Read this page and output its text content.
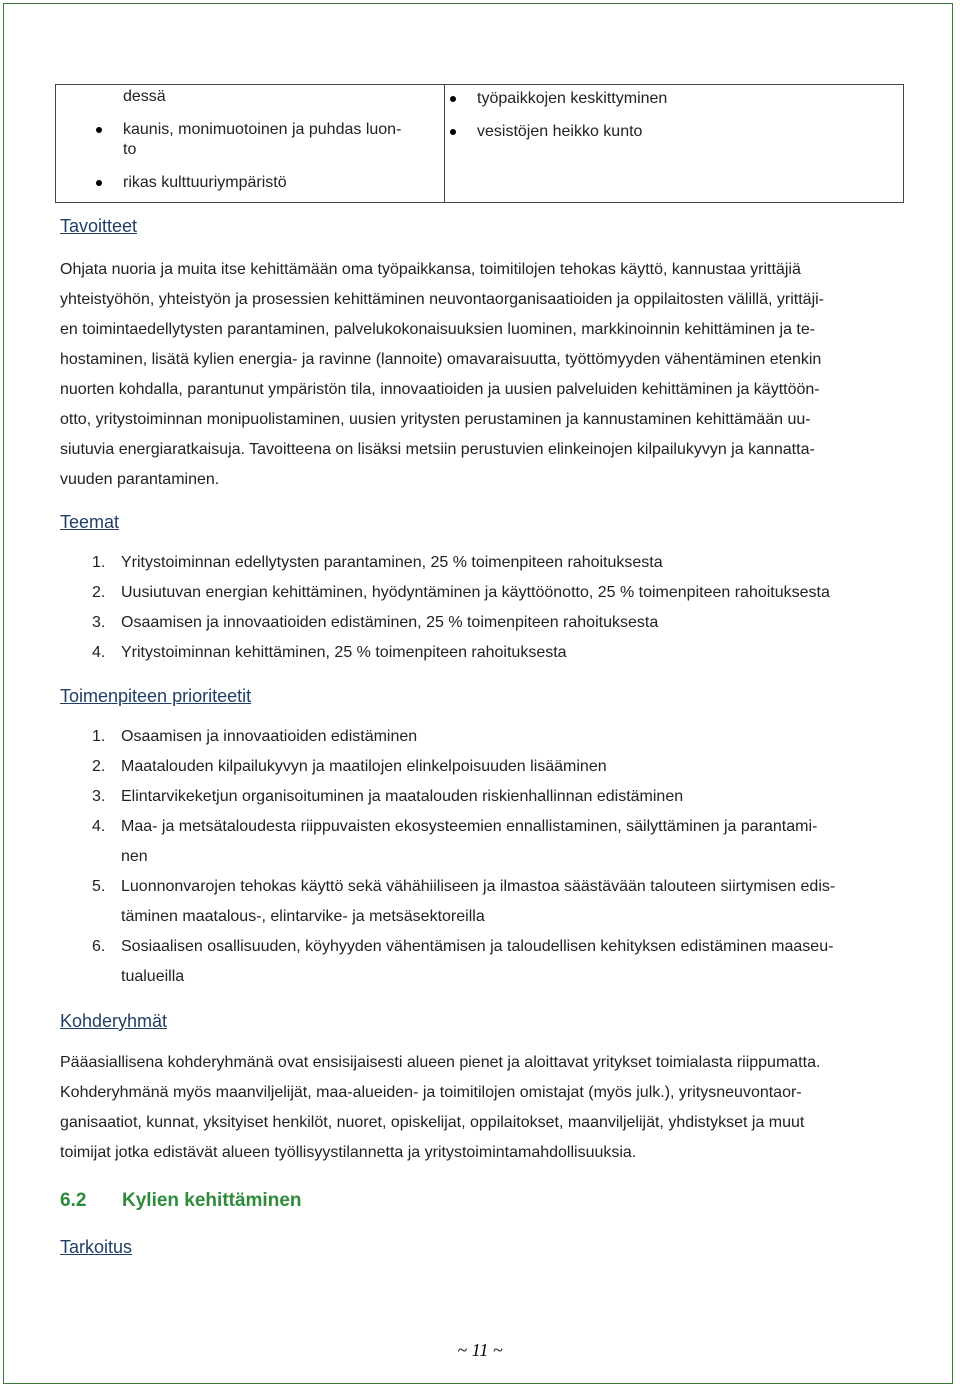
dessä
kaunis, monimuotoinen ja puhdas luon-
to
rikas kulttuuriympäristö
työpaikkojen keskittyminen
vesistöjen heikko kunto
Tavoitteet
Ohjata nuoria ja muita itse kehittämään oma työpaikkansa, toimitilojen tehokas käyttö, kannustaa yrittäjiä
yhteistyöhön, yhteistyön ja prosessien kehittäminen neuvontaorganisaatioiden ja oppilaitosten välillä, yrittäji-
en toimintaedellytysten parantaminen, palvelukokonaisuuksien luominen, markkinoinnin kehittäminen ja te-
hostaminen, lisätä kylien energia- ja ravinne (lannoite) omavaraisuutta, työttömyyden vähentäminen etenkin
nuorten kohdalla, parantunut ympäristön tila, innovaatioiden ja uusien palveluiden kehittäminen ja käyttöön-
otto, yritystoiminnan monipuolistaminen, uusien yritysten perustaminen ja kannustaminen kehittämään uu-
siutuvia energiaratkaisuja. Tavoitteena on lisäksi metsiin perustuvien elinkeinojen kilpailukyvyn ja kannatta-
vuuden parantaminen.
Teemat
1. Yritystoiminnan edellytysten parantaminen, 25 % toimenpiteen rahoituksesta
2. Uusiutuvan energian kehittäminen, hyödyntäminen ja käyttöönotto, 25 % toimenpiteen rahoituksesta
3. Osaamisen ja innovaatioiden edistäminen, 25 % toimenpiteen rahoituksesta
4. Yritystoiminnan kehittäminen, 25 % toimenpiteen rahoituksesta
Toimenpiteen prioriteetit
1. Osaamisen ja innovaatioiden edistäminen
2. Maatalouden kilpailukyvyn ja maatilojen elinkelpoisuuden lisääminen
3. Elintarvikeketjun organisoituminen ja maatalouden riskienhallinnan edistäminen
4. Maa- ja metsätaloudesta riippuvaisten ekosysteemien ennallistaminen, säilyttäminen ja parantami-
nen
5. Luonnonvarojen tehokas käyttö sekä vähähiiliseen ja ilmastoa säästävään talouteen siirtymisen edis-
täminen maatalous-, elintarvike- ja metsäsektoreilla
6. Sosiaalisen osallisuuden, köyhyyden vähentämisen ja taloudellisen kehityksen edistäminen maaseu-
tualueilla
Kohderyhmät
Pääasiallisena kohderyhmänä ovat ensisijaisesti alueen pienet ja aloittavat yritykset toimialasta riippumatta.
Kohderyhmänä myös maanviljelijät, maa-alueiden- ja toimitilojen omistajat (myös julk.), yritysneuvontaor-
ganisaatiot, kunnat, yksityiset henkilöt, nuoret, opiskelijat, oppilaitokset, maanviljelijät, yhdistykset ja muut
toimijat jotka edistävät alueen työllisyystilannetta ja yritystoimintamahdollisuuksia.
6.2 Kylien kehittäminen
Tarkoitus
~ 11 ~
